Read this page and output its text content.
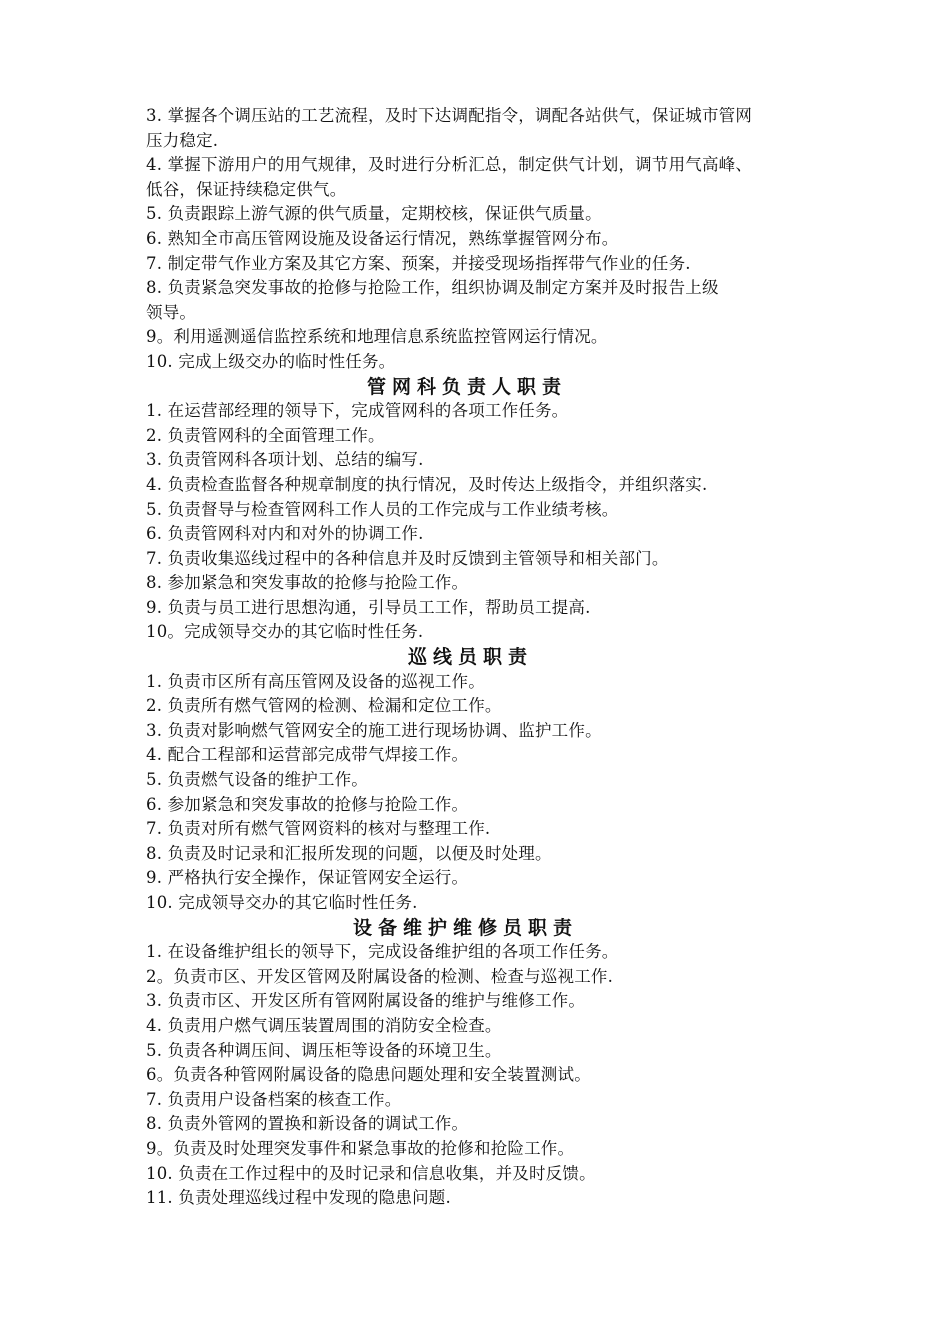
3. 掌握各个调压站的工艺流程，及时下达调配指令，调配各站供气，保证城市管网
压力稳定.
4. 掌握下游用户的用气规律，及时进行分析汇总，制定供气计划，调节用气高峰、
低谷，保证持续稳定供气。
5. 负责跟踪上游气源的供气质量，定期校核，保证供气质量。
6. 熟知全市高压管网设施及设备运行情况，熟练掌握管网分布。
7. 制定带气作业方案及其它方案、预案，并接受现场指挥带气作业的任务.
8. 负责紧急突发事故的抢修与抢险工作，组织协调及制定方案并及时报告上级
领导。
9。利用遥测遥信监控系统和地理信息系统监控管网运行情况。
10. 完成上级交办的临时性任务。
管网科负责人职责
1. 在运营部经理的领导下，完成管网科的各项工作任务。
2. 负责管网科的全面管理工作。
3. 负责管网科各项计划、总结的编写.
4. 负责检查监督各种规章制度的执行情况，及时传达上级指令，并组织落实.
5. 负责督导与检查管网科工作人员的工作完成与工作业绩考核。
6. 负责管网科对内和对外的协调工作.
7. 负责收集巡线过程中的各种信息并及时反馈到主管领导和相关部门。
8. 参加紧急和突发事故的抢修与抢险工作。
9. 负责与员工进行思想沟通，引导员工工作，帮助员工提高.
10。完成领导交办的其它临时性任务.
巡线员职责
1. 负责市区所有高压管网及设备的巡视工作。
2. 负责所有燃气管网的检测、检漏和定位工作。
3. 负责对影响燃气管网安全的施工进行现场协调、监护工作。
4. 配合工程部和运营部完成带气焊接工作。
5. 负责燃气设备的维护工作。
6. 参加紧急和突发事故的抢修与抢险工作。
7. 负责对所有燃气管网资料的核对与整理工作.
8. 负责及时记录和汇报所发现的问题，以便及时处理。
9. 严格执行安全操作，保证管网安全运行。
10. 完成领导交办的其它临时性任务.
设备维护维修员职责
1. 在设备维护组长的领导下，完成设备维护组的各项工作任务。
2。负责市区、开发区管网及附属设备的检测、检查与巡视工作.
3. 负责市区、开发区所有管网附属设备的维护与维修工作。
4. 负责用户燃气调压装置周围的消防安全检查。
5. 负责各种调压间、调压柜等设备的环境卫生。
6。负责各种管网附属设备的隐患问题处理和安全装置测试。
7. 负责用户设备档案的核查工作。
8. 负责外管网的置换和新设备的调试工作。
9。负责及时处理突发事件和紧急事故的抢修和抢险工作。
10. 负责在工作过程中的及时记录和信息收集，并及时反馈。
11. 负责处理巡线过程中发现的隐患问题.
